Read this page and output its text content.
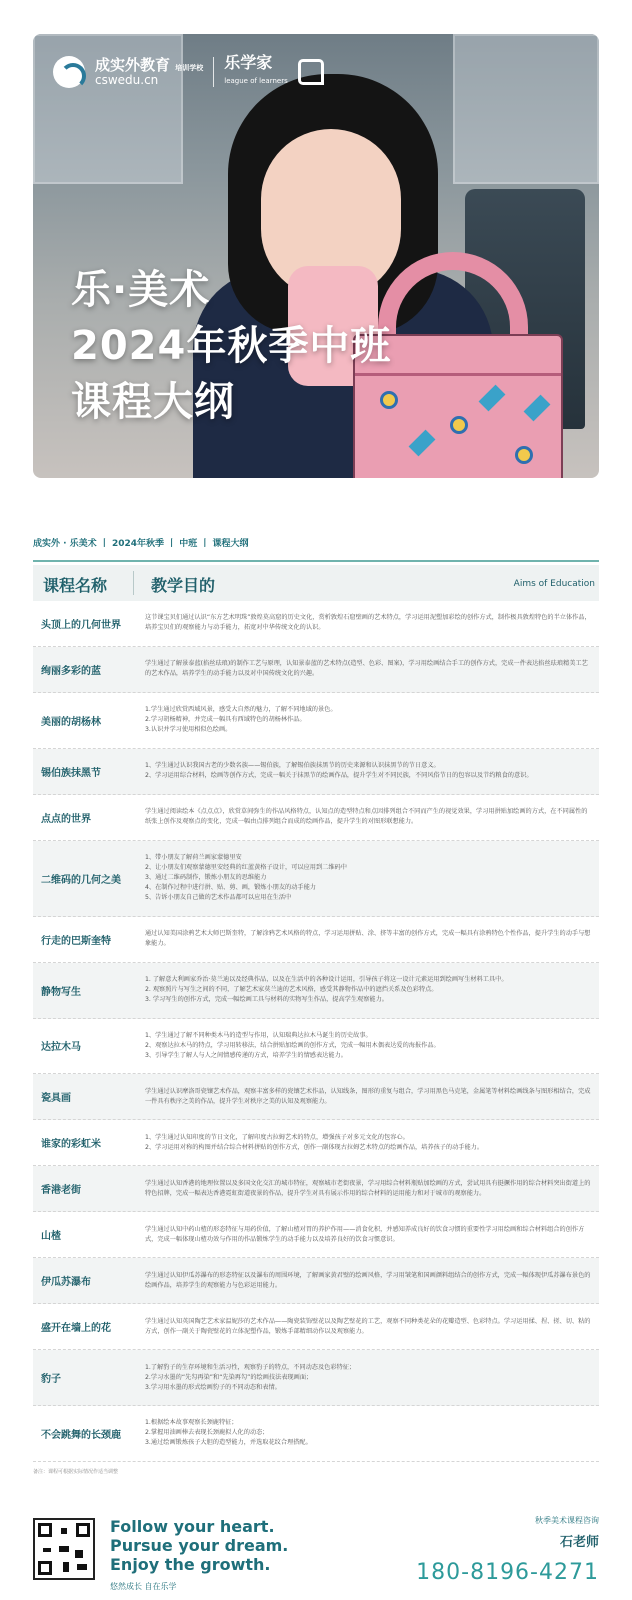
成实外教育 培训学校
cswedu.cn
乐学家
league of learners
乐·美术
2024年秋季中班
课程大纲
成实外 · 乐美术 丨 2024年秋季 丨 中班 丨 课程大纲
课程名称	教学目的	Aims of Education
头顶上的几何世界
这节课宝贝们通过认识“东方艺术明珠”敦煌莫高窟的历史文化，赏析敦煌石窟壁画的艺术特点，学习运用泥塑加彩绘的创作方式，制作极具敦煌特色的半立体作品，培养宝贝们的观察能力与动手能力，拓宽对中华传统文化的认识。
绚丽多彩的蓝
学生通过了解景泰蓝(掐丝珐琅)的制作工艺与原理，认知景泰蓝的艺术特点(造型、色彩、图案)，学习用绘画结合手工的创作方式，完成一件表达掐丝珐琅精美工艺的艺术作品，培养学生的动手能力以及对中国传统文化的兴趣。
美丽的胡杨林
1.学生通过欣赏西域风景，感受大自然的魅力，了解不同地域的景色。
2.学习胡杨精神，并完成一幅具有西域特色的胡杨林作品。
3.认识并学习使用相似色绘画。
锡伯族抹黑节
1、学生通过认识我国古老的少数名族——锡伯族，了解锡伯族抹黑节的历史来源和认识抹黑节的节日意义。
2、学习运用综合材料，绘画等创作方式，完成一幅关于抹黑节的绘画作品，提升学生对不同民族，不同风俗节日的包容以及节约粮食的意识。
点点的世界
学生通过阅读绘本《点点点》，欣赏草间弥生的作品风格特点，认知点的造型特点和点因排列组合不同而产生的视觉效果，学习用拼贴加绘画的方式，在不同属性的纸张上创作及观察点的变化，完成一幅由点排列组合而成的绘画作品，提升学生的对图形联想能力。
二维码的几何之美
1、带小朋友了解荷兰画家蒙德里安
2、让小朋友们观察蒙德里安经典的红蓝黄格子设计，可以应用到二维码中
3、通过二维码制作，锻炼小朋友的思维能力
4、在制作过程中进行拼、贴、剪、画，锻炼小朋友的动手能力
5、告诉小朋友自己做的艺术作品都可以应用在生活中
行走的巴斯奎特
通过认知美国涂鸦艺术大师巴斯奎特，了解涂鸦艺术风格的特点，学习运用拼贴、涂、挤等丰富的创作方式，完成一幅具有涂鸦特色个性作品，提升学生的动手与想象能力。
静物写生
1. 了解意大利画家乔治·莫兰迪以及经典作品，以及在生活中的各种设计运用，引导孩子将这一设计元素运用到绘画写生材料工具中。
2. 观察照片与写生之间的不同，了解艺术家莫兰迪的艺术风格，感受其静物作品中的遮挡关系及色彩特点。
3. 学习写生的创作方式，完成一幅绘画工具与材料的实物写生作品，提高学生观察能力。
达拉木马
1、学生通过了解不同种类木马的造型与作用，认知瑞典达拉木马诞生的历史故事。
2、观察达拉木马的特点，学习用转移法，结合拼贴加绘画的创作方式，完成一幅用木偶表达爱的海报作品。
3、引导学生了解人与人之间情感传递的方式，培养学生的情感表达能力。
瓷具画
学生通过认识摩洛哥瓷镶艺术作品，观察丰富多样的瓷镶艺术作品，认知线条，图形的重复与组合，学习用黑色马克笔，金属笔等材料绘画线条与图形相结合，完成一件具有秩序之美的作品，提升学生对秩序之美的认知及观察能力。
谁家的彩虹米
1、学生通过认知印度的节日文化，了解印度古拉姆艺术的特点，增强孩子对多元文化的包容心。
2、学习运用对称的构图并结合综合材料拼贴的创作方式，创作一副体现古拉姆艺术特点的绘画作品，培养孩子的动手能力。
香港老街
学生通过认知香港的地理位置以及多国文化交汇的城市特征，观察城市老街夜景，学习用综合材料瓶贴加绘画的方式，尝试用具有挺撅作用的综合材料突出街道上的特色招牌，完成一幅表达香港霓虹街道夜景的作品，提升学生对具有展示作用的综合材料的运用能力和对于城市的观察能力。
山楂
学生通过认知中药山楂的形态特征与用药价值，了解山楂对胃的养护作用——消食化积，并感知养成良好的饮食习惯的重要性学习用绘画和综合材料组合的创作方式，完成一幅体现山楂功效与作用的作品锻炼学生的动手能力以及培养良好的饮食习惯意识。
伊瓜苏瀑布
学生通过认知伊瓜苏瀑布的形态特征以及瀑布的周围环境，了解画家黄君壁的绘画风格，学习用皱笔和国画颜料组结合的创作方式，完成一幅体现伊瓜苏瀑布景色的绘画作品，培养学生的观察能力与色彩运用能力。
盛开在墙上的花
学生通过认知英国陶艺艺术家温妮莎的艺术作品——陶瓷装饰壁花以及陶艺壁花的工艺，观察不同种类花朵的花瓣造型、色彩特点。学习运用揉、捏、搓、切、粘的方式，创作一副关于陶瓷壁花的立体泥塑作品，锻炼手部精细动作以及观察能力。
豹子
1.了解豹子的生存环境和生活习性，观察豹子的特点，不同动态及色彩特征；
2.学习水墨的“先勾再染”和“先染再勾”的绘画技法表现画面；
3.学习用水墨的形式绘画豹子的不同动态和表情。
不会跳舞的长颈鹿
1.根据绘本故事观察长颈鹿特征；
2.掌握用油画棒去表现长颈鹿拟人化的动态；
3.通过绘画锻炼孩子大胆的造型能力，并选取花纹合理搭配。
备注：课程可根据实际情况作适当调整
Follow your heart.
Pursue your dream.
Enjoy the growth.
悠然成长 自在乐学
秋季美术课程咨询
石老师
180-8196-4271
